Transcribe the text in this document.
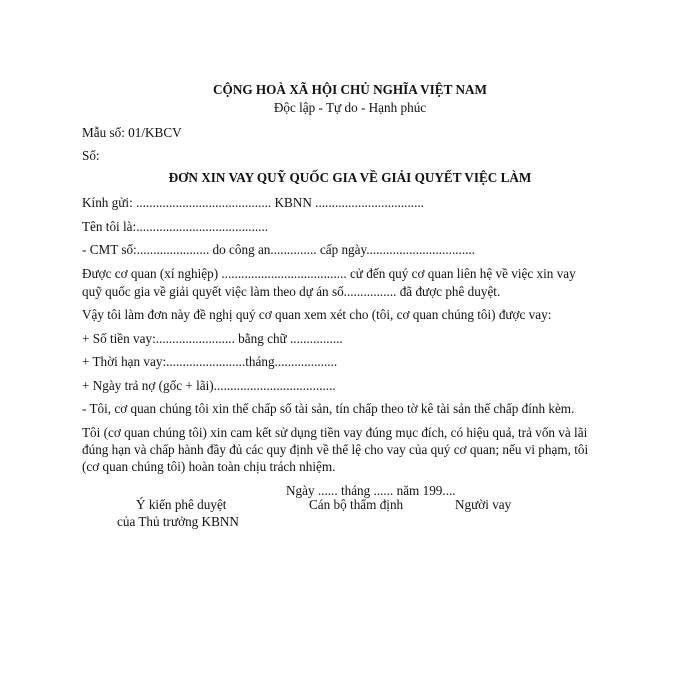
CỘNG HOÀ XÃ HỘI CHỦ NGHĨA VIỆT NAM
Độc lập - Tự do - Hạnh phúc
Mẫu số: 01/KBCV
Số:
ĐƠN XIN VAY QUỸ QUỐC GIA VỀ GIẢI QUYẾT VIỆC LÀM
Kính gửi: ......................................... KBNN .................................
Tên tôi là:........................................
- CMT số:...................... do công an.............. cấp ngày.................................
Được cơ quan (xí nghiệp) ...................................... cử đến quý cơ quan liên hệ về việc xin vay
quỹ quốc gia về giải quyết việc làm theo dự án số................ đã được phê duyệt.
Vậy tôi làm đơn này đề nghị quý cơ quan xem xét cho (tôi, cơ quan chúng tôi) được vay:
+ Số tiền vay:........................ bằng chữ ................
+ Thời hạn vay:........................tháng...................
+ Ngày trả nợ (gốc + lãi).....................................
- Tôi, cơ quan chúng tôi xin thế chấp số tài sản, tín chấp theo tờ kê tài sản thế chấp đính kèm.
Tôi (cơ quan chúng tôi) xin cam kết sử dụng tiền vay đúng mục đích, có hiệu quả, trả vốn và lãi
đúng hạn và chấp hành đầy đủ các quy định về thể lệ cho vay của quý cơ quan; nếu vi phạm, tôi
(cơ quan chúng tôi) hoàn toàn chịu trách nhiệm.
Ngày ...... tháng ...... năm 199....
Ý kiến phê duyệt
của Thủ trưởng KBNN
Cán bộ thẩm định	Người vay
